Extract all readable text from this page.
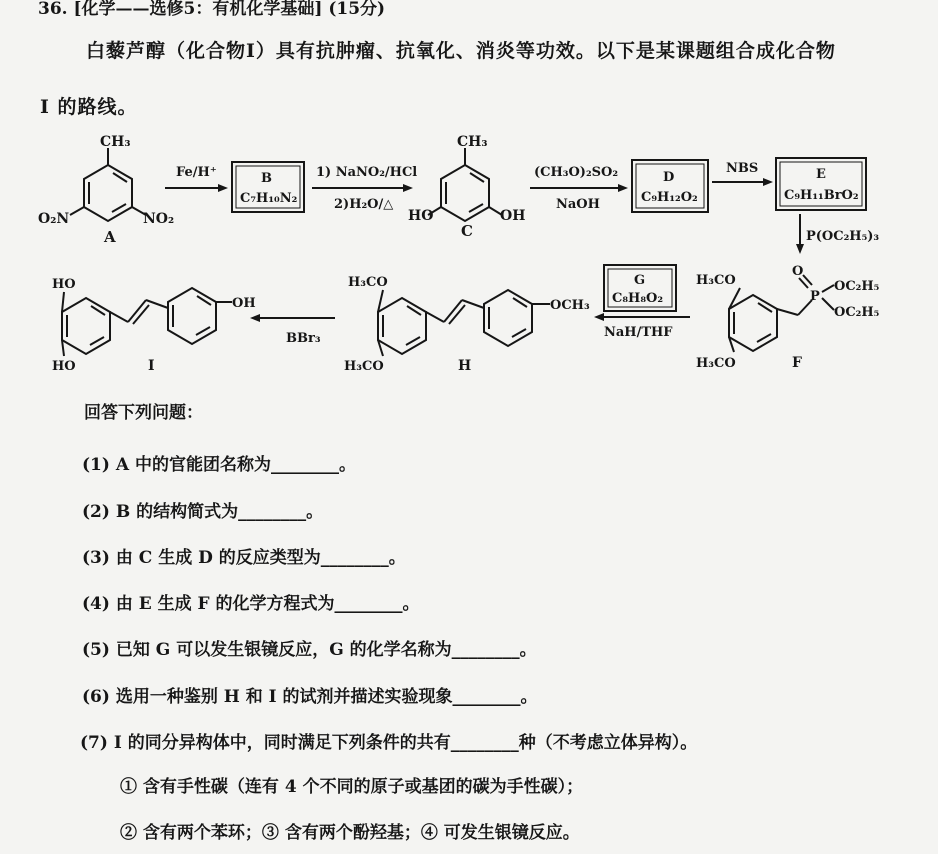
36. [化学——选修5：有机化学基础] (15分)
白藜芦醇（化合物I）具有抗肿瘤、抗氧化、消炎等功效。以下是某课题组合成化合物
I 的路线。
CH₃
O₂N	NO₂
A
Fe/H⁺	B
C₇H₁₀N₂
1) NaNO₂/HCl
2)H₂O/△
CH₃
HO	OH
C
(CH₃O)₂SO₂
NaOH
D
C₉H₁₂O₂
NBS	E
C₉H₁₁BrO₂
P(OC₂H₅)₃
H₃CO
H₃CO
O
P
OC₂H₅
OC₂H₅
F
G
C₈H₈O₂
NaH/THF
H₃CO
H₃CO
OCH₃
H
BBr₃
HO
HO
OH
I
回答下列问题：
(1) A 中的官能团名称为________。
(2) B 的结构简式为________。
(3) 由 C 生成 D 的反应类型为________。
(4) 由 E 生成 F 的化学方程式为________。
(5) 已知 G 可以发生银镜反应，G 的化学名称为________。
(6) 选用一种鉴别 H 和 I 的试剂并描述实验现象________。
(7) I 的同分异构体中，同时满足下列条件的共有________种（不考虑立体异构）。
① 含有手性碳（连有 4 个不同的原子或基团的碳为手性碳）；
② 含有两个苯环；③ 含有两个酚羟基；④ 可发生银镜反应。
